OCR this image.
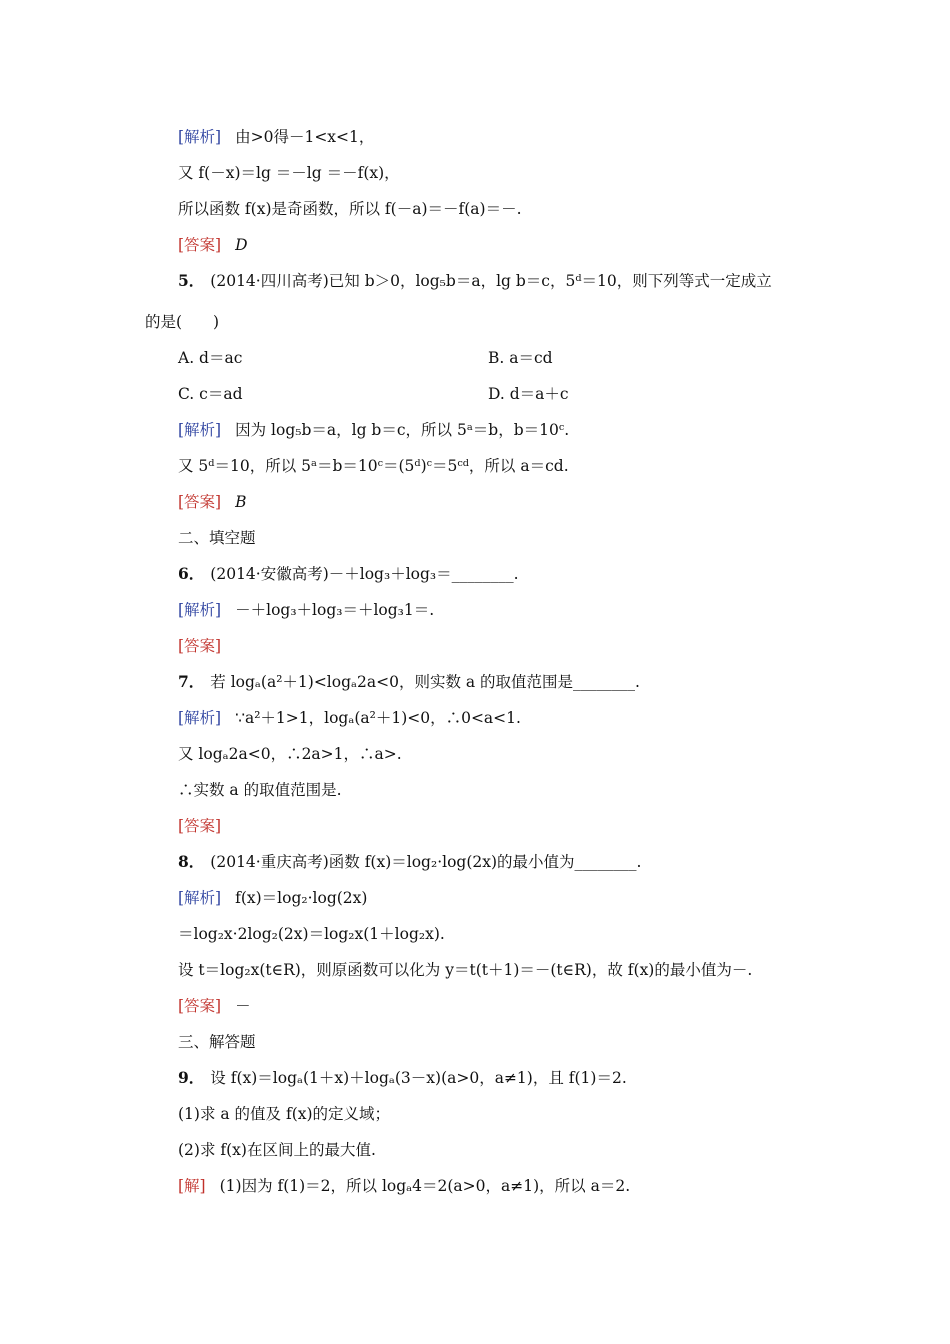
[解析] 由>0得－1<x<1，
又 f(－x)＝lg ＝－lg ＝－f(x)，
所以函数 f(x)是奇函数，所以 f(－a)＝－f(a)＝－.
[答案] D
5． (2014·四川高考)已知 b＞0，log₅b＝a，lg b＝c，5ᵈ＝10，则下列等式一定成立
的是(　　)
A. d＝ac	B. a＝cd
C. c＝ad	D. d＝a＋c
[解析] 因为 log₅b＝a，lg b＝c，所以 5ᵃ＝b，b＝10ᶜ.
又 5ᵈ＝10，所以 5ᵃ＝b＝10ᶜ＝(5ᵈ)ᶜ＝5ᶜᵈ，所以 a＝cd.
[答案] B
二、填空题
6． (2014·安徽高考)－＋log₃＋log₃＝________.
[解析] －＋log₃＋log₃＝＋log₃1＝.
[答案]
7． 若 logₐ(a²＋1)<logₐ2a<0，则实数 a 的取值范围是________.
[解析] ∵a²＋1>1，logₐ(a²＋1)<0，∴0<a<1.
又 logₐ2a<0，∴2a>1，∴a>.
∴实数 a 的取值范围是.
[答案]
8． (2014·重庆高考)函数 f(x)＝log₂·log(2x)的最小值为________.
[解析] f(x)＝log₂·log(2x)
＝log₂x·2log₂(2x)＝log₂x(1＋log₂x).
设 t＝log₂x(t∈R)，则原函数可以化为 y＝t(t＋1)＝－(t∈R)，故 f(x)的最小值为－.
[答案] －
三、解答题
9． 设 f(x)＝logₐ(1＋x)＋logₐ(3－x)(a>0，a≠1)，且 f(1)＝2.
(1)求 a 的值及 f(x)的定义域；
(2)求 f(x)在区间上的最大值.
[解] (1)因为 f(1)＝2，所以 logₐ4＝2(a>0，a≠1)，所以 a＝2.
